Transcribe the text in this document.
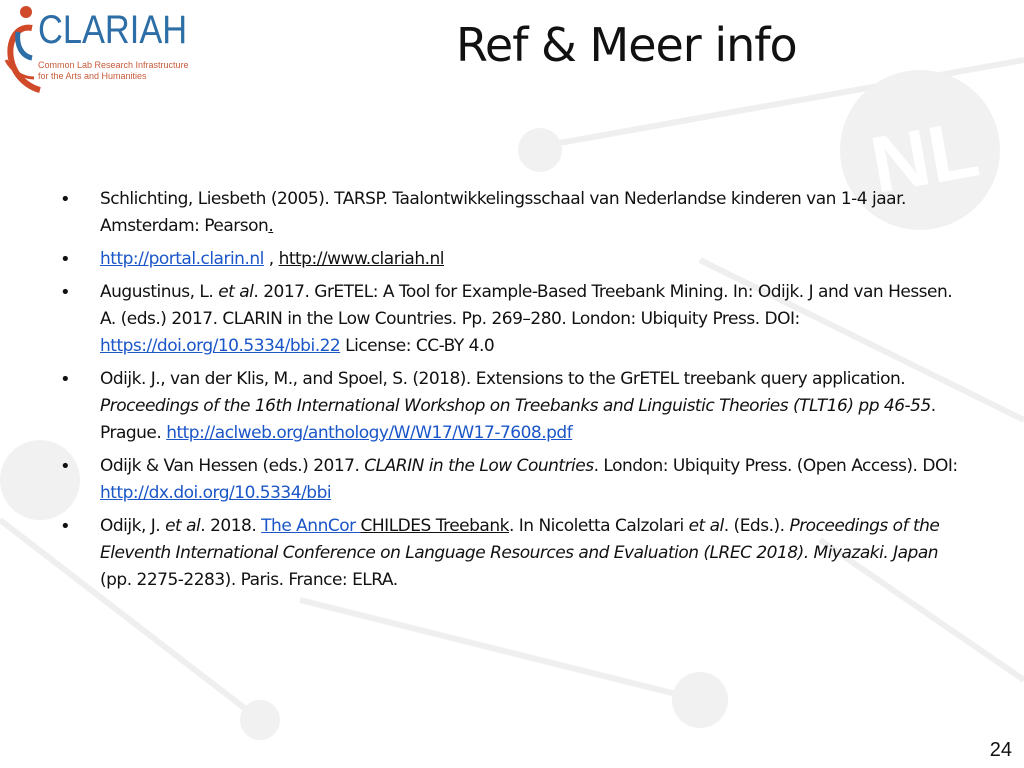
NL
CLARIAH
Common Lab Research Infrastructure
for the Arts and Humanities
Ref & Meer info
• Schlichting, Liesbeth (2005). TARSP. Taalontwikkelingsschaal van Nederlandse kinderen van 1-4 jaar. Amsterdam: Pearson.
• http://portal.clarin.nl , http://www.clariah.nl
• Augustinus, L. et al. 2017. GrETEL: A Tool for Example-Based Treebank Mining. In: Odijk. J and van Hessen. A. (eds.) 2017. CLARIN in the Low Countries. Pp. 269–280. London: Ubiquity Press. DOI: https://doi.org/10.5334/bbi.22 License: CC-BY 4.0
• Odijk. J., van der Klis, M., and Spoel, S. (2018). Extensions to the GrETEL treebank query application. Proceedings of the 16th International Workshop on Treebanks and Linguistic Theories (TLT16) pp 46-55. Prague. http://aclweb.org/anthology/W/W17/W17-7608.pdf
• Odijk & Van Hessen (eds.) 2017. CLARIN in the Low Countries. London: Ubiquity Press. (Open Access). DOI: http://dx.doi.org/10.5334/bbi
• Odijk, J. et al. 2018. The AnnCor CHILDES Treebank. In Nicoletta Calzolari et al. (Eds.). Proceedings of the Eleventh International Conference on Language Resources and Evaluation (LREC 2018). Miyazaki. Japan (pp. 2275-2283). Paris. France: ELRA.
24
